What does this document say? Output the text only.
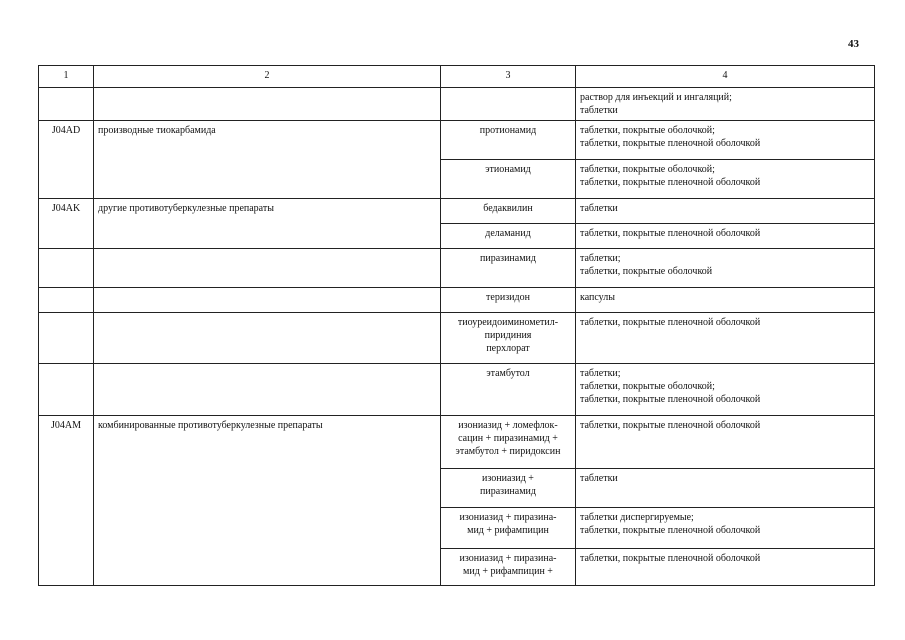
43
1	2	3	4

			раствор для инъекций и ингаляций;
таблетки

J04AD	производные тиокарбамида	протионамид	таблетки, покрытые оболочкой;
таблетки, покрытые пленочной оболочкой

		этионамид	таблетки, покрытые оболочкой;
таблетки, покрытые пленочной оболочкой

J04AK	другие противотуберкулезные препараты	бедаквилин	таблетки

		деламанид	таблетки, покрытые пленочной оболочкой

		пиразинамид	таблетки;
таблетки, покрытые оболочкой

		теризидон	капсулы

		тиоуреидоиминометил-
пиридиния
перхлорат	таблетки, покрытые пленочной оболочкой

		этамбутол	таблетки;
таблетки, покрытые оболочкой;
таблетки, покрытые пленочной оболочкой

J04AM	комбинированные противотуберкулезные препараты	изониазид + ломефлок-
сацин + пиразинамид +
этамбутол + пиридоксин	таблетки, покрытые пленочной оболочкой

		изониазид +
пиразинамид	таблетки

		изониазид + пиразина-
мид + рифампицин	таблетки диспергируемые;
таблетки, покрытые пленочной оболочкой

		изониазид + пиразина-
мид + рифампицин +	таблетки, покрытые пленочной оболочкой
